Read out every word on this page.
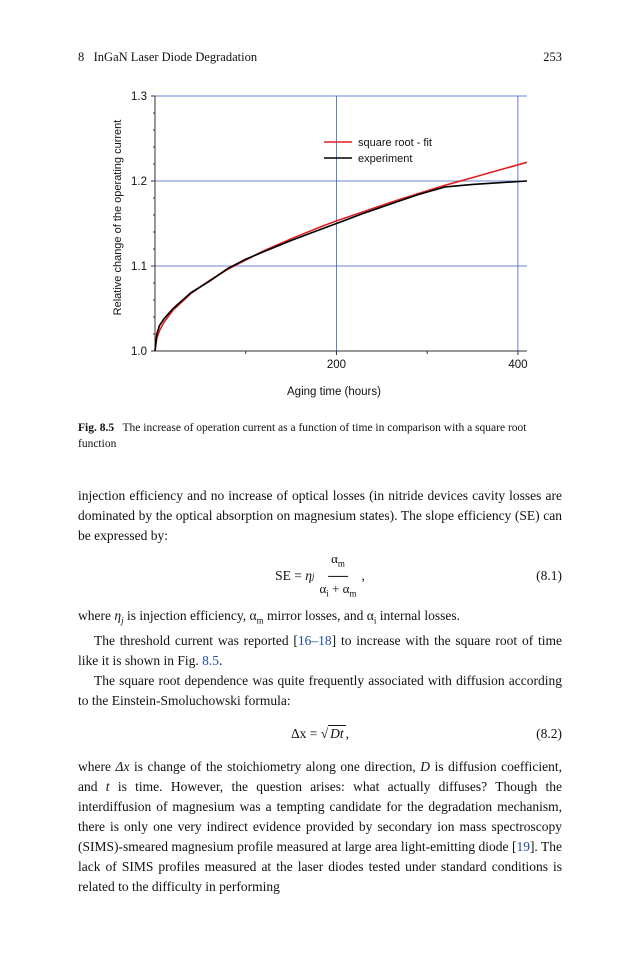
8 InGaN Laser Diode Degradation	253
1.0
1.1
1.2
1.3
200	400
Aging time (hours)
Relative change of the operating current	square root - fit
experiment
Fig. 8.5 The increase of operation current as a function of time in comparison with a square root function

injection efficiency and no increase of optical losses (in nitride devices cavity losses are dominated by the optical absorption on magnesium states). The slope efficiency (SE) can be expressed by:

SE = η j $\frac{\alpha_m}{\alpha_i + \alpha_m}$ ,	(8.1)

where $\eta_j$ is injection efficiency, $\alpha_m$ mirror losses, and $\alpha_i$ internal losses.

The threshold current was reported [16–18] to increase with the square root of time like it is shown in Fig. 8.5.

The square root dependence was quite frequently associated with diffusion according to the Einstein-Smoluchowski formula:

Δx = √ Dt ,	(8.2)

where Δx is change of the stoichiometry along one direction, D is diffusion coefficient, and t is time. However, the question arises: what actually diffuses? Though the interdiffusion of magnesium was a tempting candidate for the degradation mechanism, there is only one very indirect evidence provided by secondary ion mass spectroscopy (SIMS)-smeared magnesium profile measured at large area light-emitting diode [19]. The lack of SIMS profiles measured at the laser diodes tested under standard conditions is related to the difficulty in performing
